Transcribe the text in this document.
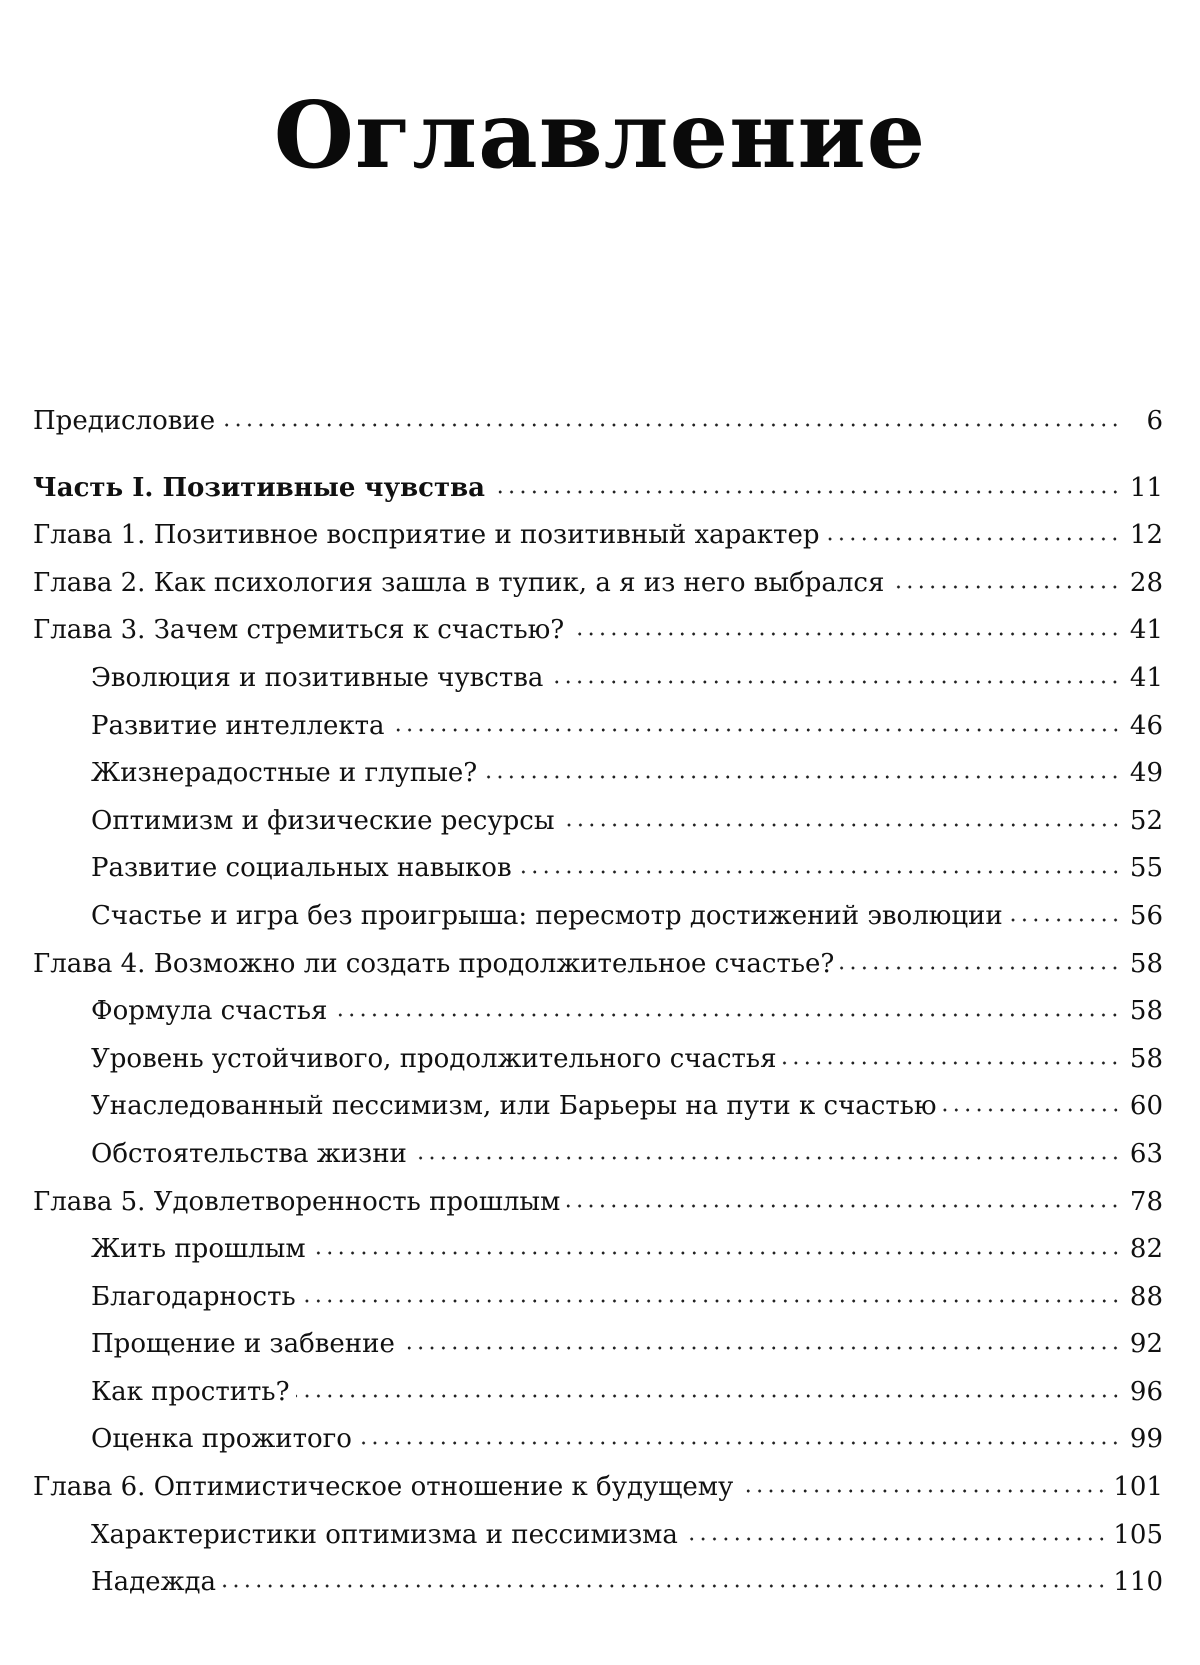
Оглавление
Предисловие	6
Часть I. Позитивные чувства	11
Глава 1. Позитивное восприятие и позитивный характер	12
Глава 2. Как психология зашла в тупик, а я из него выбрался	28
Глава 3. Зачем стремиться к счастью?	41
Эволюция и позитивные чувства	41
Развитие интеллекта	46
Жизнерадостные и глупые?	49
Оптимизм и физические ресурсы	52
Развитие социальных навыков	55
Счастье и игра без проигрыша: пересмотр достижений эволюции	56
Глава 4. Возможно ли создать продолжительное счастье?	58
Формула счастья	58
Уровень устойчивого, продолжительного счастья	58
Унаследованный пессимизм, или Барьеры на пути к счастью	60
Обстоятельства жизни	63
Глава 5. Удовлетворенность прошлым	78
Жить прошлым	82
Благодарность	88
Прощение и забвение	92
Как простить?	96
Оценка прожитого	99
Глава 6. Оптимистическое отношение к будущему	101
Характеристики оптимизма и пессимизма	105
Надежда	110
